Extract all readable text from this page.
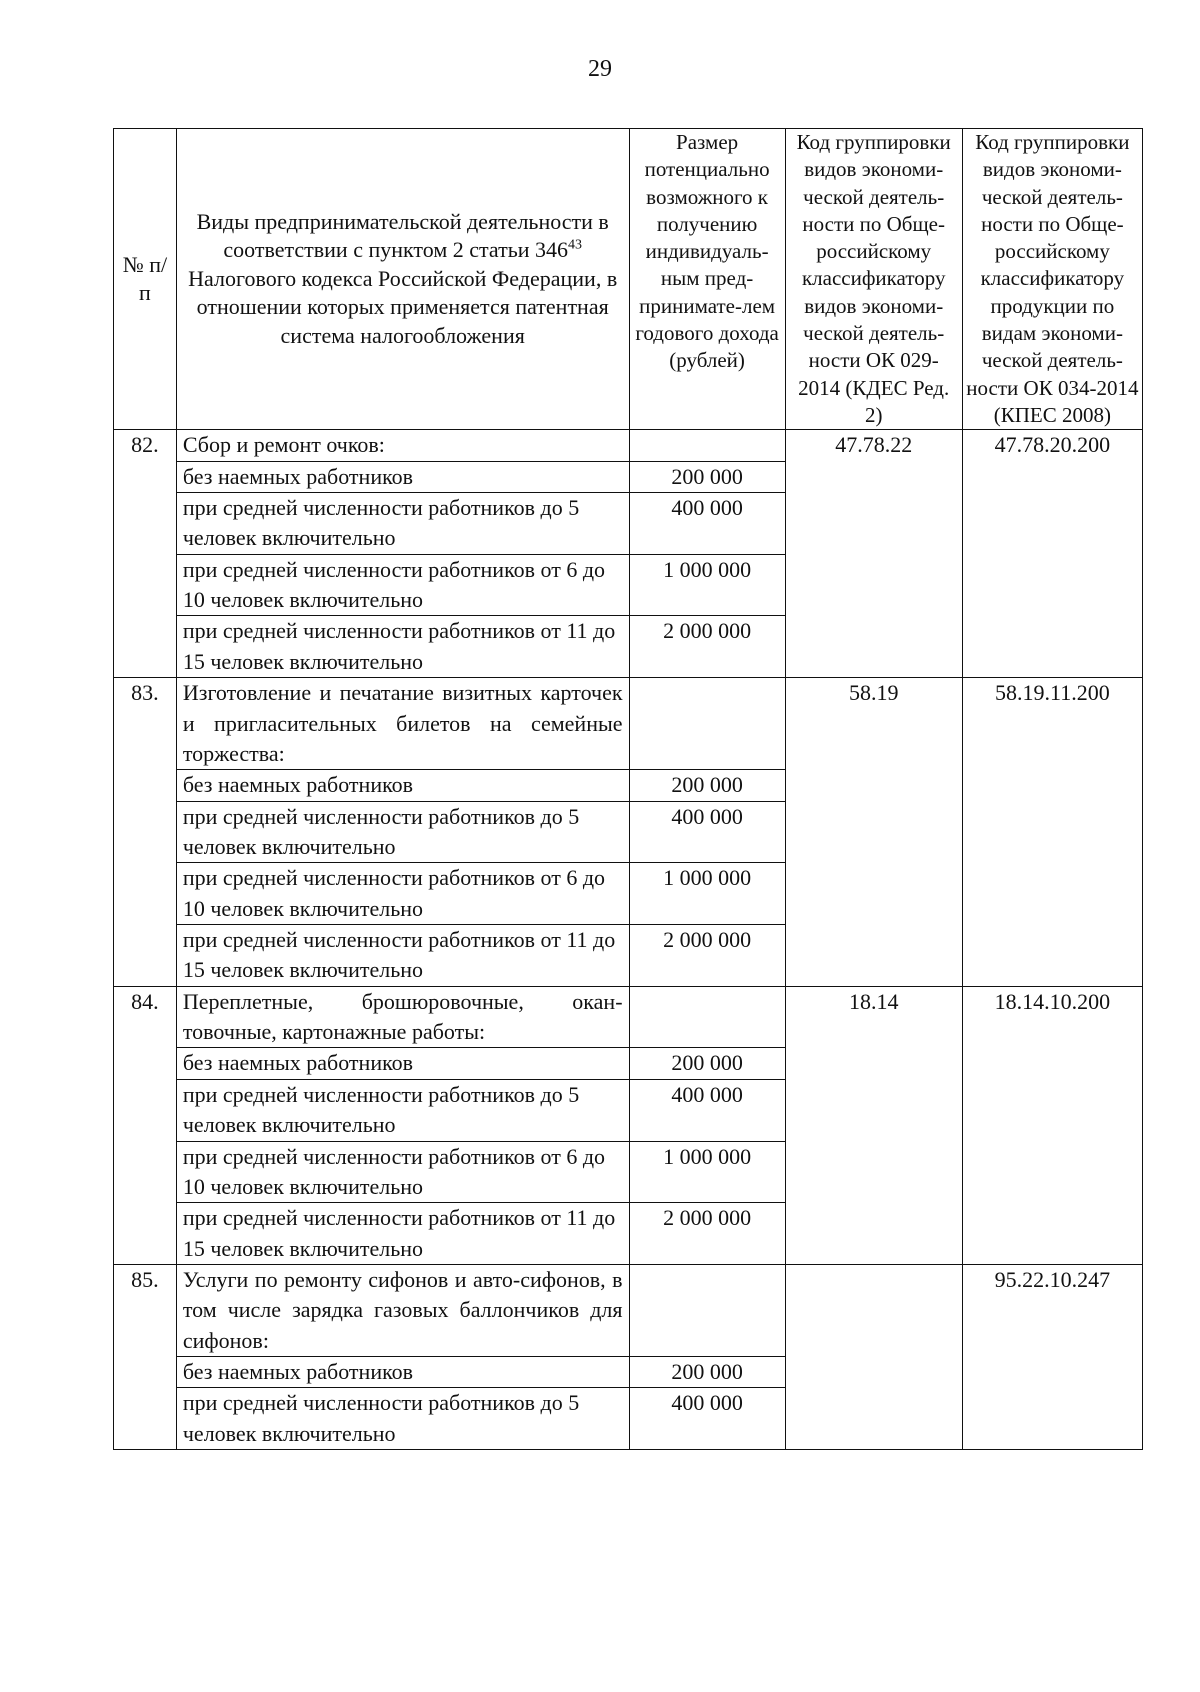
29
№ п/п	Виды предпринимательской деятельности в соответствии с пунктом 2 статьи $346^{43}$ Налогового кодекса Российской Федерации, в отношении которых применяется патентная система налогообложения	Размер потенциально возможного к получению индивидуаль-ным пред-принимате-лем годового дохода (рублей)	Код группировки видов экономи-ческой деятель-ности по Обще-российскому классификатору видов экономи-ческой деятель-ности ОК 029-2014 (КДЕС Ред. 2)	Код группировки видов экономи-ческой деятель-ности по Обще-российскому классификатору продукции по видам экономи-ческой деятель-ности ОК 034-2014 (КПЕС 2008)
82.	Сбор и ремонт очков:		47.78.22	47.78.20.200
	без наемных работников	200 000		
	при средней численности работников до 5 человек включительно	400 000		
	при средней численности работников от 6 до 10 человек включительно	1 000 000		
	при средней численности работников от 11 до 15 человек включительно	2 000 000		
83.	Изготовление и печатание визитных карточек и пригласительных билетов на семейные торжества:		58.19	58.19.11.200
	без наемных работников	200 000		
	при средней численности работников до 5 человек включительно	400 000		
	при средней численности работников от 6 до 10 человек включительно	1 000 000		
	при средней численности работников от 11 до 15 человек включительно	2 000 000		
84.	Переплетные, брошюровочные, окан-товочные, картонажные работы:		18.14	18.14.10.200
	без наемных работников	200 000		
	при средней численности работников до 5 человек включительно	400 000		
	при средней численности работников от 6 до 10 человек включительно	1 000 000		
	при средней численности работников от 11 до 15 человек включительно	2 000 000		
85.	Услуги по ремонту сифонов и авто-сифонов, в том числе зарядка газовых баллончиков для сифонов:			95.22.10.247
	без наемных работников	200 000		
	при средней численности работников до 5 человек включительно	400 000		
